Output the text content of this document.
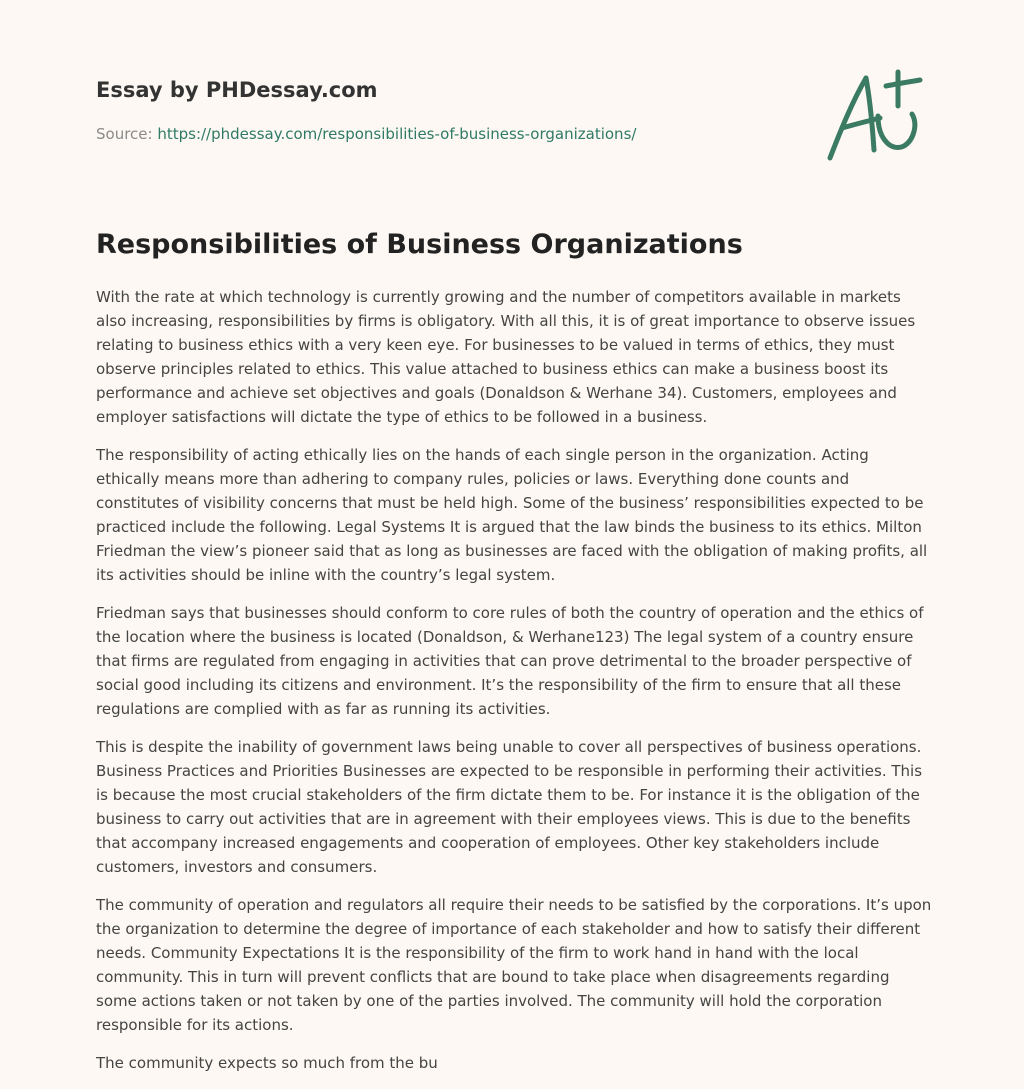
Essay by PHDessay.com
Source: https://phdessay.com/responsibilities-of-business-organizations/
Responsibilities of Business Organizations

With the rate at which technology is currently growing and the number of competitors available in markets also increasing, responsibilities by firms is obligatory. With all this, it is of great importance to observe issues relating to business ethics with a very keen eye. For businesses to be valued in terms of ethics, they must observe principles related to ethics. This value attached to business ethics can make a business boost its performance and achieve set objectives and goals (Donaldson & Werhane 34). Customers, employees and employer satisfactions will dictate the type of ethics to be followed in a business.

The responsibility of acting ethically lies on the hands of each single person in the organization. Acting ethically means more than adhering to company rules, policies or laws. Everything done counts and constitutes of visibility concerns that must be held high. Some of the business’ responsibilities expected to be practiced include the following. Legal Systems It is argued that the law binds the business to its ethics. Milton Friedman the view’s pioneer said that as long as businesses are faced with the obligation of making profits, all its activities should be inline with the country’s legal system.

Friedman says that businesses should conform to core rules of both the country of operation and the ethics of the location where the business is located (Donaldson, & Werhane123) The legal system of a country ensure that firms are regulated from engaging in activities that can prove detrimental to the broader perspective of social good including its citizens and environment. It’s the responsibility of the firm to ensure that all these regulations are complied with as far as running its activities.

This is despite the inability of government laws being unable to cover all perspectives of business operations. Business Practices and Priorities Businesses are expected to be responsible in performing their activities. This is because the most crucial stakeholders of the firm dictate them to be. For instance it is the obligation of the business to carry out activities that are in agreement with their employees views. This is due to the benefits that accompany increased engagements and cooperation of employees. Other key stakeholders include customers, investors and consumers.

The community of operation and regulators all require their needs to be satisfied by the corporations. It’s upon the organization to determine the degree of importance of each stakeholder and how to satisfy their different needs. Community Expectations It is the responsibility of the firm to work hand in hand with the local community. This in turn will prevent conflicts that are bound to take place when disagreements regarding some actions taken or not taken by one of the parties involved. The community will hold the corporation responsible for its actions.

The community expects so much from the bu
